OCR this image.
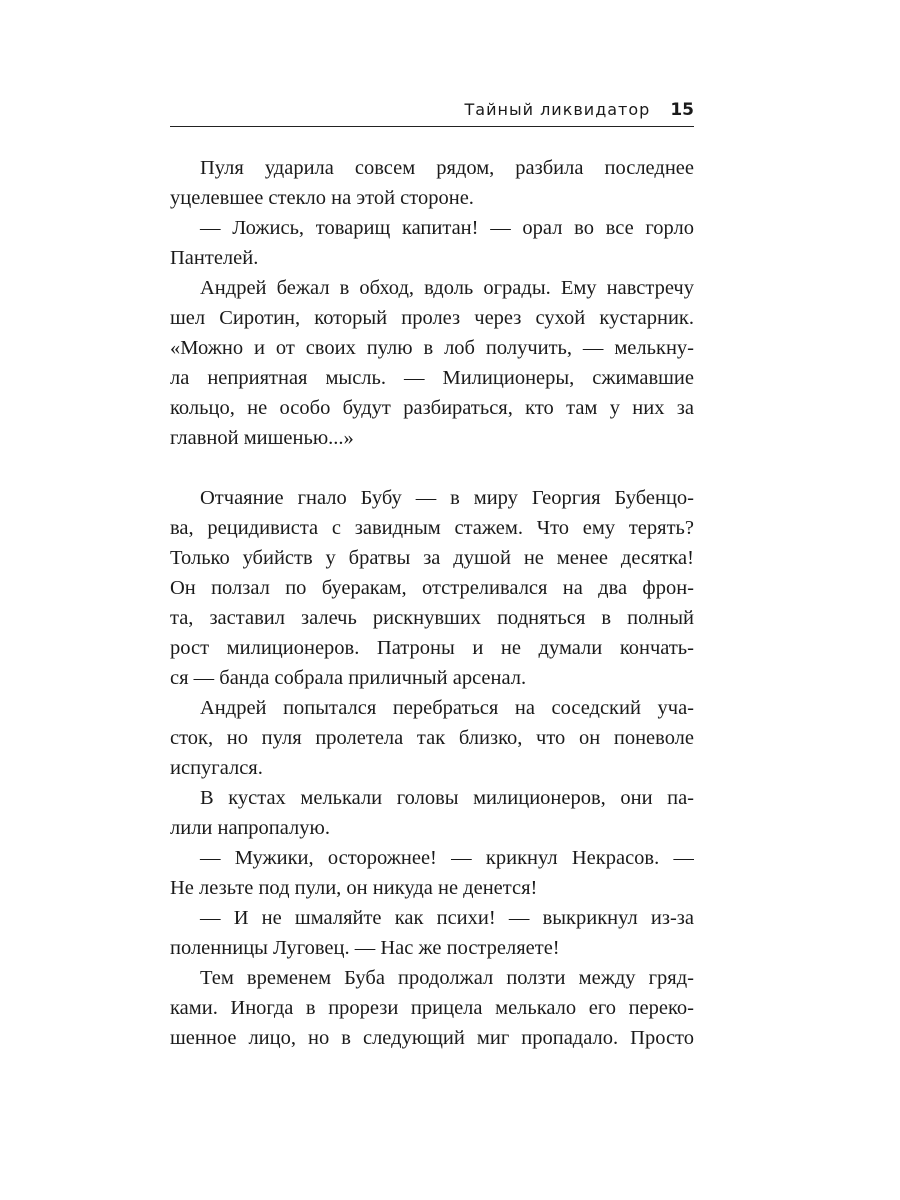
Тайный ликвидатор 15
Пуля ударила совсем рядом, разбила последнее
уцелевшее стекло на этой стороне.
— Ложись, товарищ капитан! — орал во все горло
Пантелей.
Андрей бежал в обход, вдоль ограды. Ему навстречу
шел Сиротин, который пролез через сухой кустарник.
«Можно и от своих пулю в лоб получить, — мелькну-
ла неприятная мысль. — Милиционеры, сжимавшие
кольцо, не особо будут разбираться, кто там у них за
главной мишенью...»
Отчаяние гнало Бубу — в миру Георгия Бубенцо-
ва, рецидивиста с завидным стажем. Что ему терять?
Только убийств у братвы за душой не менее десятка!
Он ползал по буеракам, отстреливался на два фрон-
та, заставил залечь рискнувших подняться в полный
рост милиционеров. Патроны и не думали кончать-
ся — банда собрала приличный арсенал.
Андрей попытался перебраться на соседский уча-
сток, но пуля пролетела так близко, что он поневоле
испугался.
В кустах мелькали головы милиционеров, они па-
лили напропалую.
— Мужики, осторожнее! — крикнул Некрасов. —
Не лезьте под пули, он никуда не денется!
— И не шмаляйте как психи! — выкрикнул из-за
поленницы Луговец. — Нас же постреляете!
Тем временем Буба продолжал ползти между гряд-
ками. Иногда в прорези прицела мелькало его переко-
шенное лицо, но в следующий миг пропадало. Просто
